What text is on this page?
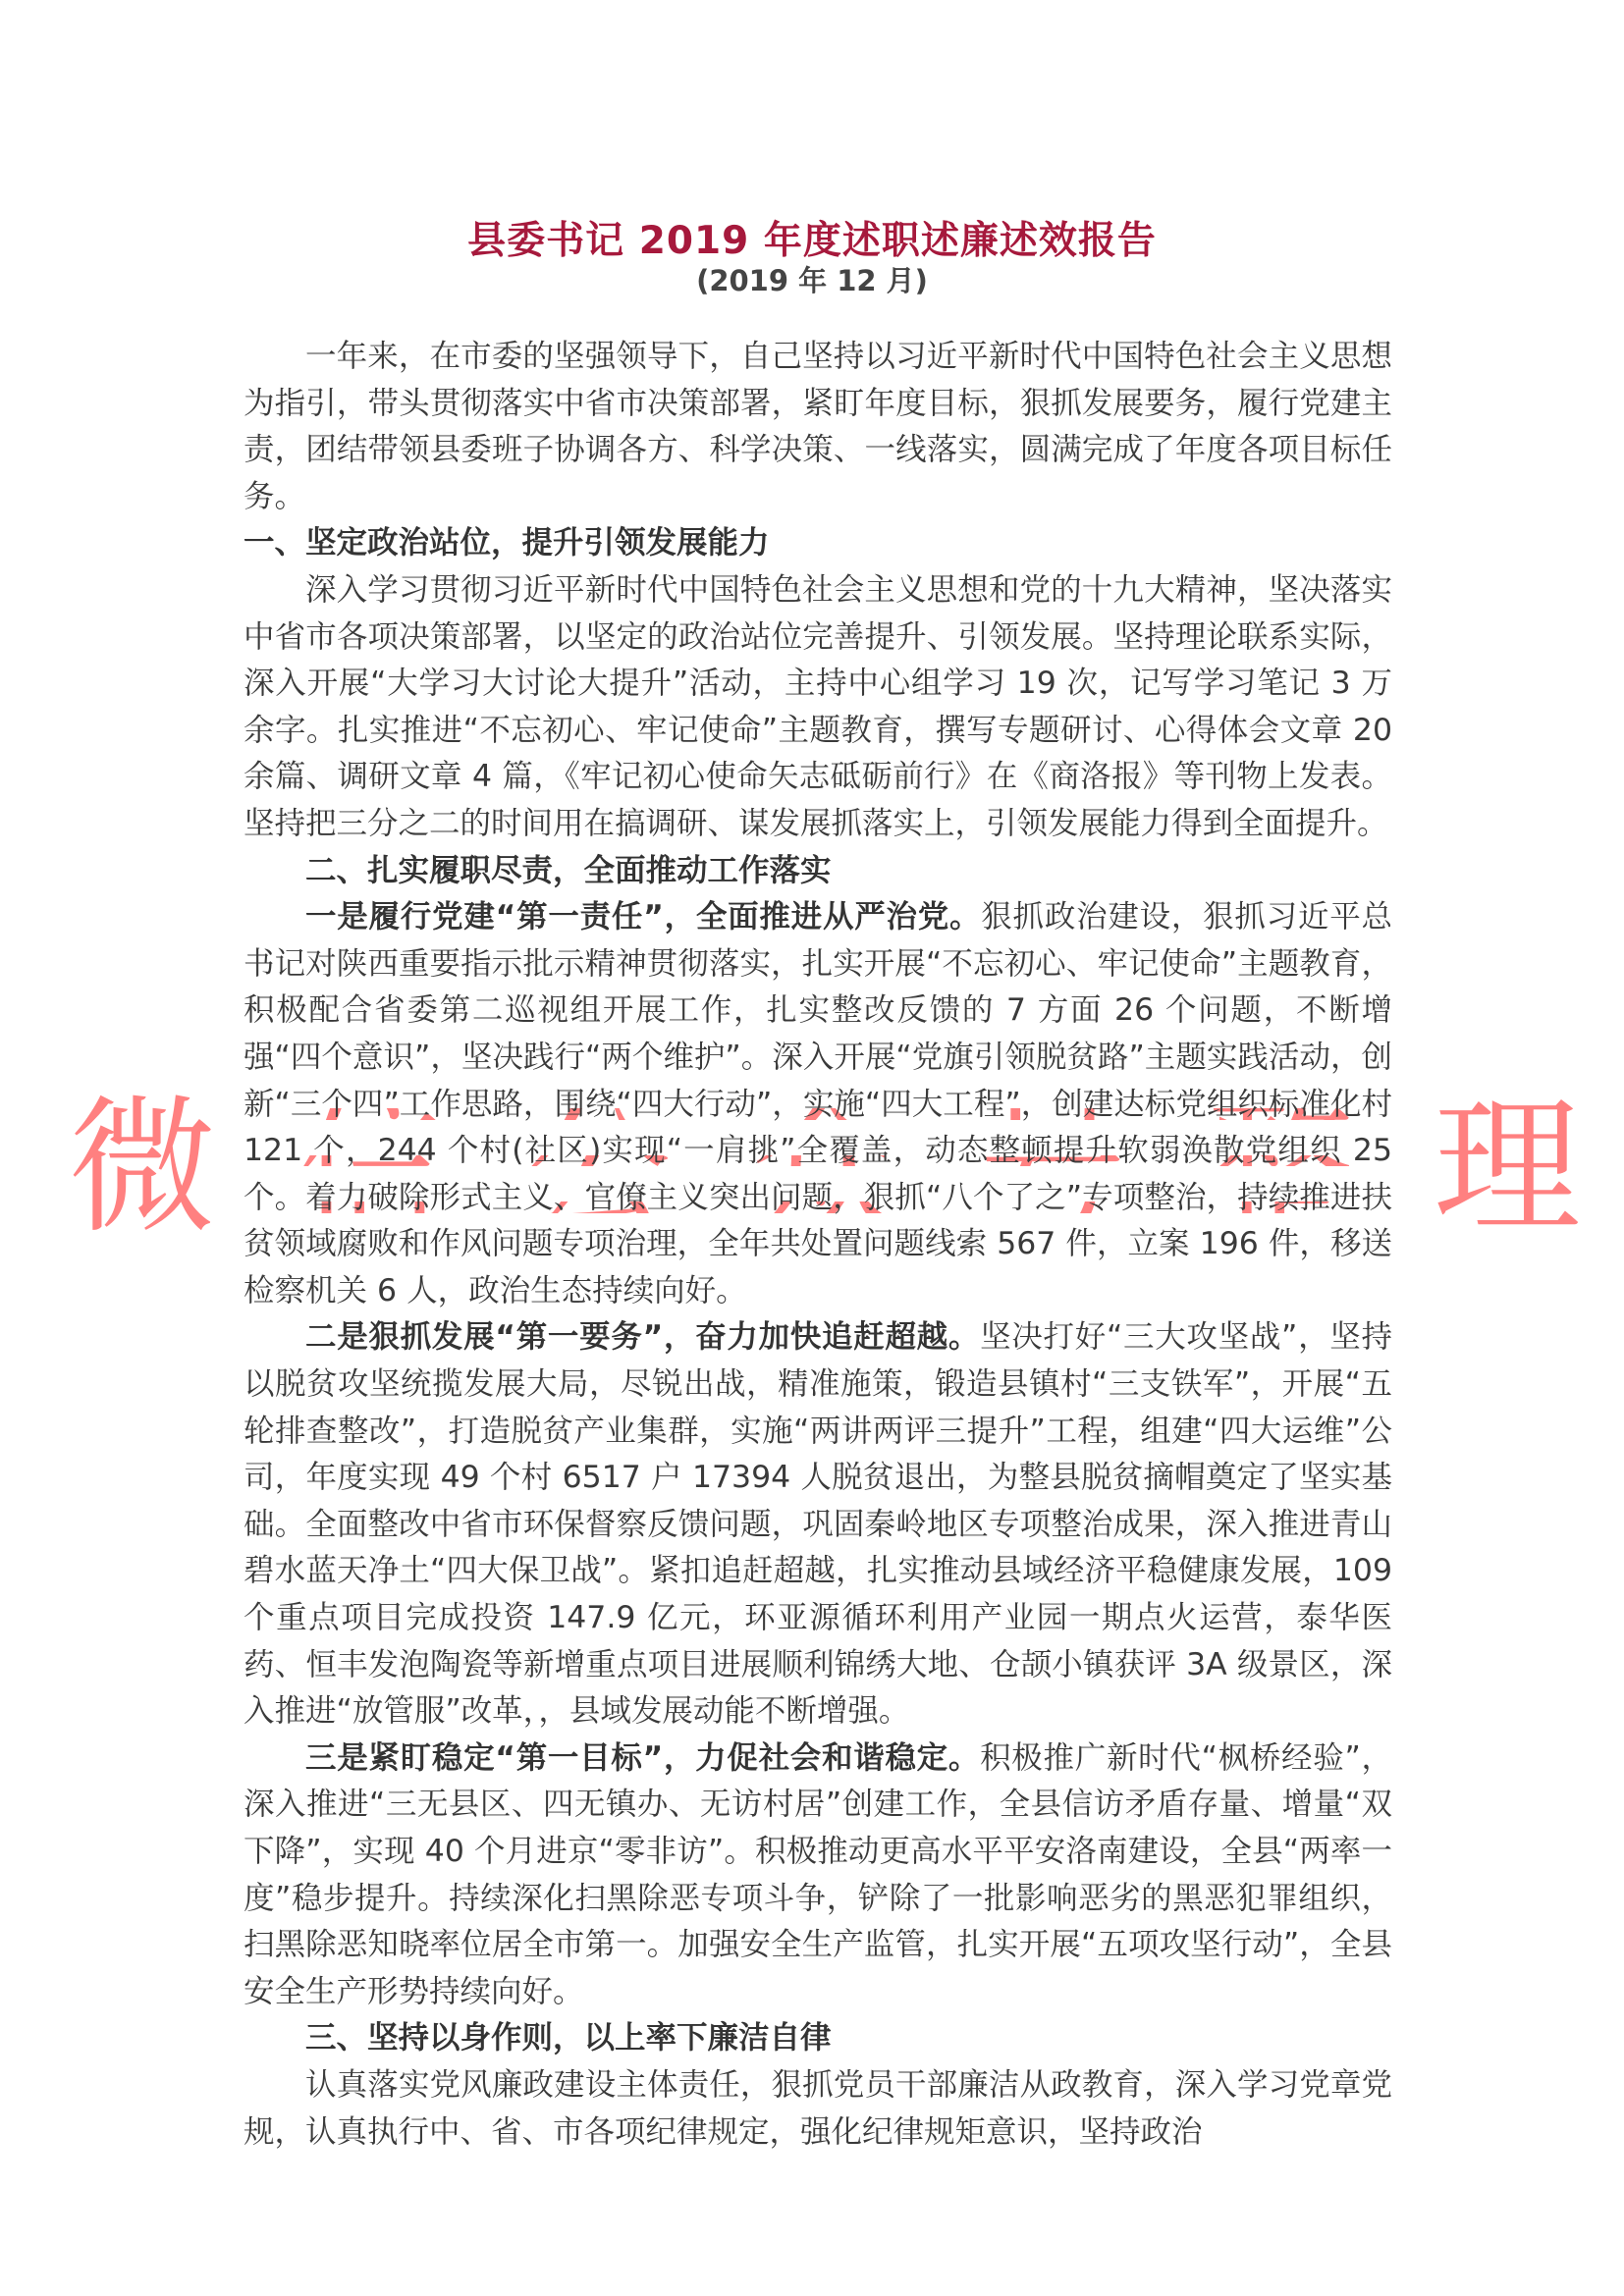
县委书记 2019 年度述职述廉述效报告
(2019 年 12 月)
微	理

一年来，在市委的坚强领导下，自己坚持以习近平新时代中国特色社会主义思想为指引，带头贯彻落实中省市决策部署，紧盯年度目标，狠抓发展要务，履行党建主责，团结带领县委班子协调各方、科学决策、一线落实，圆满完成了年度各项目标任务。

一、坚定政治站位，提升引领发展能力

深入学习贯彻习近平新时代中国特色社会主义思想和党的十九大精神，坚决落实中省市各项决策部署，以坚定的政治站位完善提升、引领发展。坚持理论联系实际，深入开展“大学习大讨论大提升”活动，主持中心组学习 19 次，记写学习笔记 3 万余字。扎实推进“不忘初心、牢记使命”主题教育，撰写专题研讨、心得体会文章 20 余篇、调研文章 4 篇，《牢记初心使命矢志砥砺前行》在《商洛报》等刊物上发表。坚持把三分之二的时间用在搞调研、谋发展抓落实上，引领发展能力得到全面提升。

二、扎实履职尽责，全面推动工作落实

一是履行党建“第一责任”，全面推进从严治党。狠抓政治建设，狠抓习近平总书记对陕西重要指示批示精神贯彻落实，扎实开展“不忘初心、牢记使命”主题教育，积极配合省委第二巡视组开展工作，扎实整改反馈的 7 方面 26 个问题，不断增强“四个意识”，坚决践行“两个维护”。深入开展“党旗引领脱贫路”主题实践活动，创新“三个四”工作思路，围绕“四大行动”，实施“四大工程”，创建达标党组织标准化村 121 个，244 个村(社区)实现“一肩挑”全覆盖，动态整顿提升软弱涣散党组织 25 个。着力破除形式主义、官僚主义突出问题，狠抓“八个了之”专项整治，持续推进扶贫领域腐败和作风问题专项治理，全年共处置问题线索 567 件，立案 196 件，移送检察机关 6 人，政治生态持续向好。

二是狠抓发展“第一要务”，奋力加快追赶超越。坚决打好“三大攻坚战”，坚持以脱贫攻坚统揽发展大局，尽锐出战，精准施策，锻造县镇村“三支铁军”，开展“五轮排查整改”，打造脱贫产业集群，实施“两讲两评三提升”工程，组建“四大运维”公司，年度实现 49 个村 6517 户 17394 人脱贫退出，为整县脱贫摘帽奠定了坚实基础。全面整改中省市环保督察反馈问题，巩固秦岭地区专项整治成果，深入推进青山碧水蓝天净土“四大保卫战”。紧扣追赶超越，扎实推动县域经济平稳健康发展，109 个重点项目完成投资 147.9 亿元，环亚源循环利用产业园一期点火运营，泰华医药、恒丰发泡陶瓷等新增重点项目进展顺利锦绣大地、仓颉小镇获评 3A 级景区，深入推进“放管服”改革，，县域发展动能不断增强。

三是紧盯稳定“第一目标”，力促社会和谐稳定。积极推广新时代“枫桥经验”，深入推进“三无县区、四无镇办、无访村居”创建工作，全县信访矛盾存量、增量“双下降”，实现 40 个月进京“零非访”。积极推动更高水平平安洛南建设，全县“两率一度”稳步提升。持续深化扫黑除恶专项斗争，铲除了一批影响恶劣的黑恶犯罪组织，扫黑除恶知晓率位居全市第一。加强安全生产监管，扎实开展“五项攻坚行动”，全县安全生产形势持续向好。

三、坚持以身作则，以上率下廉洁自律

认真落实党风廉政建设主体责任，狠抓党员干部廉洁从政教育，深入学习党章党规，认真执行中、省、市各项纪律规定，强化纪律规矩意识，坚持政治
